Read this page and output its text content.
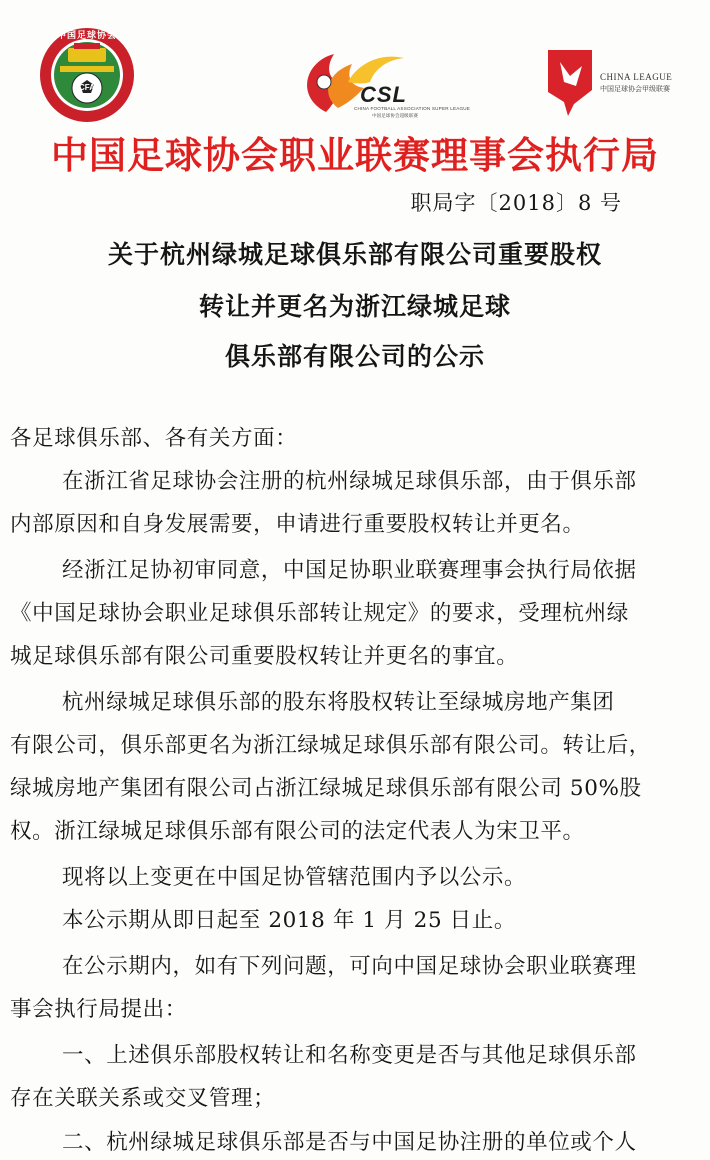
中国足球协会
CFA	CSL
CHINA FOOTBALL ASSOCIATION SUPER LEAGUE
中国足球协会超级联赛
CHINA LEAGUE
中国足球协会甲级联赛
中国足球协会职业联赛理事会执行局
职局字〔2018〕8 号
关于杭州绿城足球俱乐部有限公司重要股权
转让并更名为浙江绿城足球
俱乐部有限公司的公示
各足球俱乐部、各有关方面：
在浙江省足球协会注册的杭州绿城足球俱乐部，由于俱乐部
内部原因和自身发展需要，申请进行重要股权转让并更名。
经浙江足协初审同意，中国足协职业联赛理事会执行局依据
《中国足球协会职业足球俱乐部转让规定》的要求，受理杭州绿
城足球俱乐部有限公司重要股权转让并更名的事宜。
杭州绿城足球俱乐部的股东将股权转让至绿城房地产集团
有限公司，俱乐部更名为浙江绿城足球俱乐部有限公司。转让后，
绿城房地产集团有限公司占浙江绿城足球俱乐部有限公司 50%股
权。浙江绿城足球俱乐部有限公司的法定代表人为宋卫平。
现将以上变更在中国足协管辖范围内予以公示。
本公示期从即日起至 2018 年 1 月 25 日止。
在公示期内，如有下列问题，可向中国足球协会职业联赛理
事会执行局提出：
一、上述俱乐部股权转让和名称变更是否与其他足球俱乐部
存在关联关系或交叉管理；
二、杭州绿城足球俱乐部是否与中国足协注册的单位或个人
